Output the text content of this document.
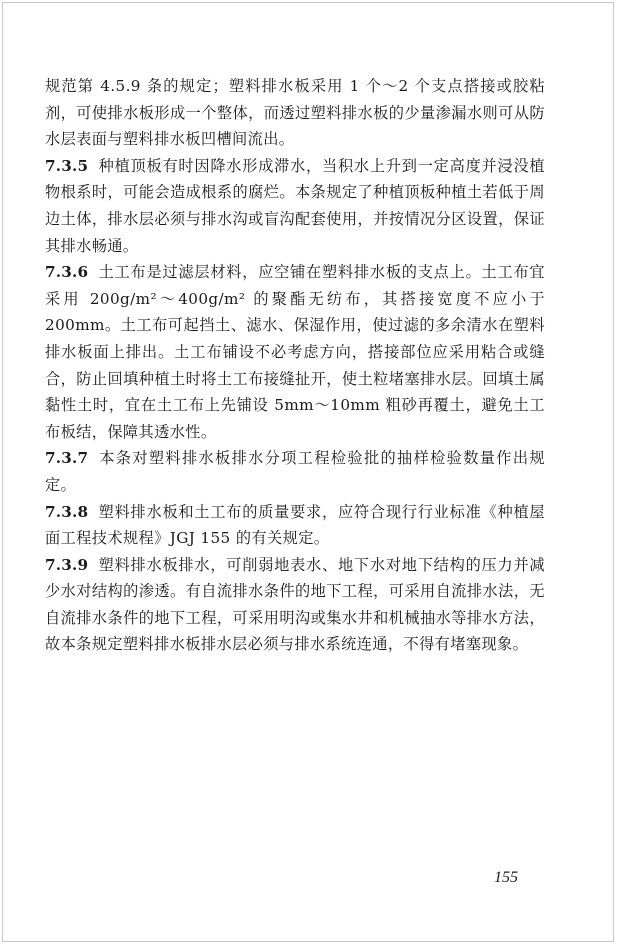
规范第 4.5.9 条的规定；塑料排水板采用 1 个～2 个支点搭接或胶粘剂，可使排水板形成一个整体，而透过塑料排水板的少量渗漏水则可从防水层表面与塑料排水板凹槽间流出。

7.3.5 种植顶板有时因降水形成滞水，当积水上升到一定高度并浸没植物根系时，可能会造成根系的腐烂。本条规定了种植顶板种植土若低于周边土体，排水层必须与排水沟或盲沟配套使用，并按情况分区设置，保证其排水畅通。

7.3.6 土工布是过滤层材料，应空铺在塑料排水板的支点上。土工布宜采用 200g/m²～400g/m² 的聚酯无纺布，其搭接宽度不应小于 200mm。土工布可起挡土、滤水、保湿作用，使过滤的多余清水在塑料排水板面上排出。土工布铺设不必考虑方向，搭接部位应采用粘合或缝合，防止回填种植土时将土工布接缝扯开，使土粒堵塞排水层。回填土属黏性土时，宜在土工布上先铺设 5mm～10mm 粗砂再覆土，避免土工布板结，保障其透水性。

7.3.7 本条对塑料排水板排水分项工程检验批的抽样检验数量作出规定。

7.3.8 塑料排水板和土工布的质量要求，应符合现行行业标准《种植屋面工程技术规程》JGJ 155 的有关规定。

7.3.9 塑料排水板排水，可削弱地表水、地下水对地下结构的压力并减少水对结构的渗透。有自流排水条件的地下工程，可采用自流排水法，无自流排水条件的地下工程，可采用明沟或集水井和机械抽水等排水方法，故本条规定塑料排水板排水层必须与排水系统连通，不得有堵塞现象。

155
